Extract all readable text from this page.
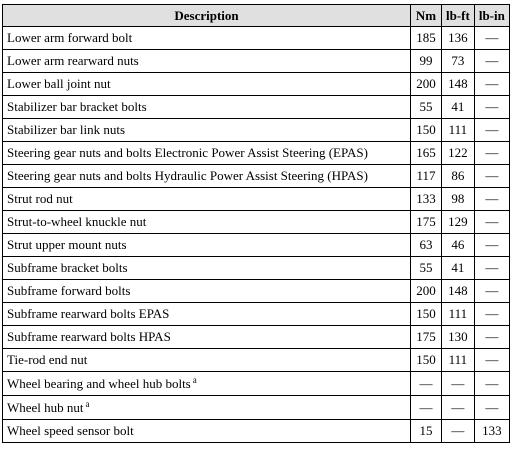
Description	Nm	lb-ft	lb-in
Lower arm forward bolt	185	136	—
Lower arm rearward nuts	99	73	—
Lower ball joint nut	200	148	—
Stabilizer bar bracket bolts	55	41	—
Stabilizer bar link nuts	150	111	—
Steering gear nuts and bolts Electronic Power Assist Steering (EPAS)	165	122	—
Steering gear nuts and bolts Hydraulic Power Assist Steering (HPAS)	117	86	—
Strut rod nut	133	98	—
Strut-to-wheel knuckle nut	175	129	—
Strut upper mount nuts	63	46	—
Subframe bracket bolts	55	41	—
Subframe forward bolts	200	148	—
Subframe rearward bolts EPAS	150	111	—
Subframe rearward bolts HPAS	175	130	—
Tie-rod end nut	150	111	—
Wheel bearing and wheel hub bolts $^a$	—	—	—
Wheel hub nut $^a$	—	—	—
Wheel speed sensor bolt	15	—	133
